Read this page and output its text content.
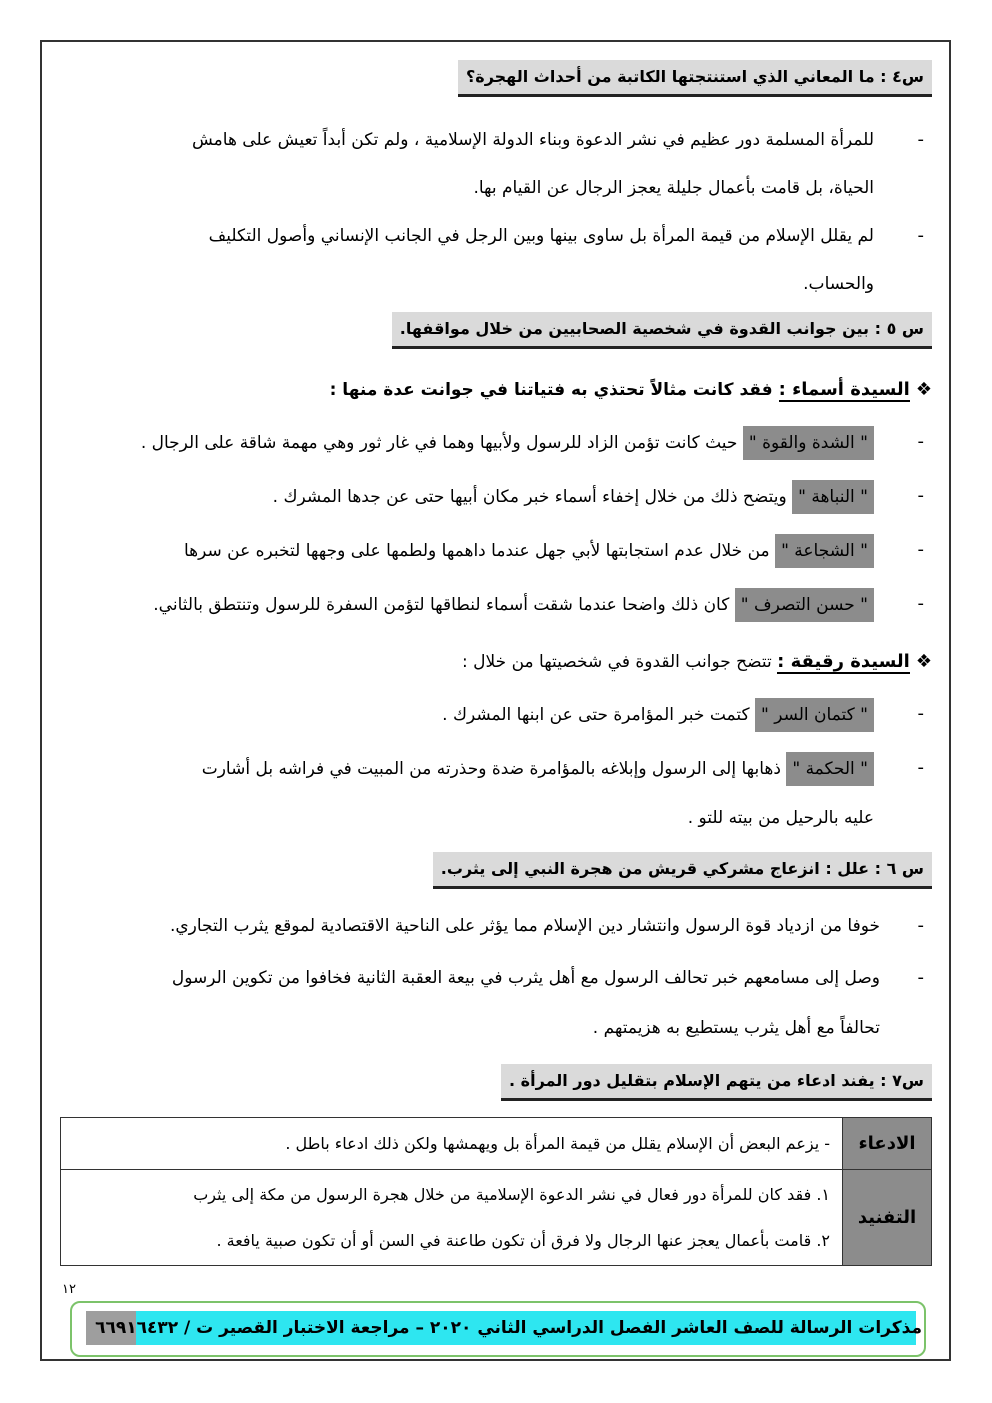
س٤ : ما المعاني الذي استنتجتها الكاتبة من أحداث الهجرة؟
-
للمرأة المسلمة دور عظيم في نشر الدعوة وبناء الدولة الإسلامية ، ولم تكن أبداً تعيش على هامش
الحياة، بل قامت بأعمال جليلة يعجز الرجال عن القيام بها.
-
لم يقلل الإسلام من قيمة المرأة بل ساوى بينها وبين الرجل في الجانب الإنساني وأصول التكليف
والحساب.
س ٥ : بين جوانب القدوة في شخصية الصحابيين من خلال مواقفها.
❖السيدة أسماء : فقد كانت مثالاً تحتذي به فتياتنا في جوانت عدة منها :
-
" الشدة والقوة " حيث كانت تؤمن الزاد للرسول ولأبيها وهما في غار ثور وهي مهمة شاقة على الرجال .
-
" النباهة " ويتضح ذلك من خلال إخفاء أسماء خبر مكان أبيها حتى عن جدها المشرك .
-
" الشجاعة " من خلال عدم استجابتها لأبي جهل عندما داهمها ولطمها على وجهها لتخبره عن سرها
-
" حسن التصرف " كان ذلك واضحا عندما شقت أسماء لنطاقها لتؤمن السفرة للرسول وتنتطق بالثاني.
❖السيدة رقيقة : تتضح جوانب القدوة في شخصيتها من خلال :
-
" كتمان السر " كتمت خبر المؤامرة حتى عن ابنها المشرك .
-
" الحكمة " ذهابها إلى الرسول وإبلاغه بالمؤامرة ضدة وحذرته من المبيت في فراشه بل أشارت
عليه بالرحيل من بيته للتو .
س ٦ : علل : انزعاج مشركي قريش من هجرة النبي إلى يثرب.
-
خوفا من ازدياد قوة الرسول وانتشار دين الإسلام مما يؤثر على الناحية الاقتصادية لموقع يثرب التجاري.
-
وصل إلى مسامعهم خبر تحالف الرسول مع أهل يثرب في بيعة العقبة الثانية فخافوا من تكوين الرسول
تحالفاً مع أهل يثرب يستطيع به هزيمتهم .
س٧ : يفند ادعاء من يتهم الإسلام بتقليل دور المرأة .
الادعاء	- يزعم البعض أن الإسلام يقلل من قيمة المرأة بل ويهمشها ولكن ذلك ادعاء باطل .
التفنيد	١. فقد كان للمرأة دور فعال في نشر الدعوة الإسلامية من خلال هجرة الرسول من مكة إلى يثرب
٢. قامت بأعمال يعجز عنها الرجال ولا فرق أن تكون طاعنة في السن أو أن تكون صبية يافعة .
١٢
مذكرات الرسالة للصف العاشر الفصل الدراسي الثاني ٢٠٢٠ – مراجعة الاختبار القصير ت / ٦٦٩١٦٤٣٢
